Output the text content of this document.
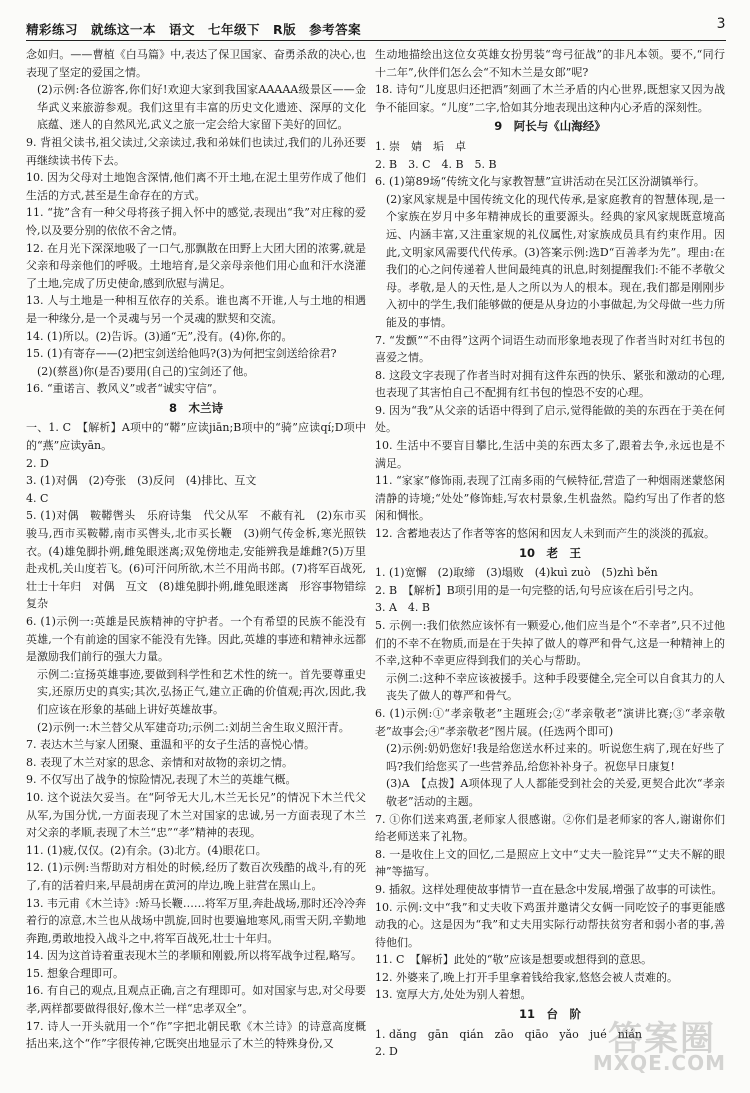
精彩练习　就练这一本　语文　七年级下　R版　参考答案	3
念如归。——曹植《白马篇》中,表达了保卫国家、奋勇杀敌的决心,也表现了坚定的爱国之情。
(2)示例:各位游客,你们好!欢迎大家到我国家AAAAA级景区——金华武义来旅游参观。我们这里有丰富的历史文化遗迹、深厚的文化底蕴、迷人的自然风光,武义之旅一定会给大家留下美好的回忆。
9. 背祖父读书,祖父读过,父亲读过,我和弟妹们也读过,我们的儿孙还要再继续读书传下去。
10. 因为父母对土地饱含深情,他们离不开土地,在泥土里劳作成了他们生活的方式,甚至是生命存在的方式。
11. “拢”含有一种父母将孩子拥入怀中的感觉,表现出“我”对庄稼的爱怜,以及要分别的依依不舍之情。
12. 在月光下深深地吸了一口气,那飘散在田野上大团大团的浓雾,就是父亲和母亲他们的呼吸。土地培育,是父亲母亲他们用心血和汗水浇灌了土地,完成了历史使命,感到欣慰与满足。
13. 人与土地是一种相互依存的关系。谁也离不开谁,人与土地的相遇是一种缘分,是一个灵魂与另一个灵魂的默契和交流。
14. (1)所以。(2)告诉。(3)通“无”,没有。(4)你,你的。
15. (1)有寄存——(2)把宝剑送给他吗?(3)为何把宝剑送给徐君?
(2)(蔡邕)你(是否)要用(自己的)宝剑还了他。
16. “重诺言、教风义”或者“诚实守信”。
8　木兰诗
一、1. C　【解析】A项中的“鞯”应读jiān;B项中的“骑”应读qí;D项中的“燕”应读yān。
2. D
3. (1)对偶　(2)夸张　(3)反问　(4)排比、互文
4. C
5. (1)对偶　鞍鞯辔头　乐府诗集　代父从军　不蔽有礼　(2)东市买骏马,西市买鞍鞯,南市买辔头,北市买长鞭　(3)朔气传金柝,寒光照铁衣。(4)雄兔脚扑朔,雌兔眼迷离;双兔傍地走,安能辨我是雄雌?(5)万里赴戎机,关山度若飞。(6)可汗问所欲,木兰不用尚书郎。(7)将军百战死,壮士十年归　对偶　互文　(8)雄兔脚扑朔,雌兔眼迷离　形容事物错综复杂
6. (1)示例一:英雄是民族精神的守护者。一个有希望的民族不能没有英雄,一个有前途的国家不能没有先锋。因此,英雄的事迹和精神永远都是激励我们前行的强大力量。
示例二:宣扬英雄事迹,要做到科学性和艺术性的统一。首先要尊重史实,还原历史的真实;其次,弘扬正气,建立正确的价值观;再次,因此,我们应该在形象的基础上讲好英雄故事。
(2)示例一:木兰替父从军建奇功;示例二:刘胡兰舍生取义照汗青。
7. 表达木兰与家人团聚、重温和平的女子生活的喜悦心情。
8. 表现了木兰对家的思念、亲情和对故物的亲切之情。
9. 不仅写出了战争的惊险情况,表现了木兰的英雄气概。
10. 这个说法欠妥当。在“阿爷无大儿,木兰无长兄”的情况下木兰代父从军,为国分忧,一方面表现了木兰对国家的忠诚,另一方面表现了木兰对父亲的孝顺,表现了木兰“忠”“孝”精神的表现。
11. (1)疲,仅仅。(2)有余。(3)北方。(4)眼花口。
12. (1)示例:当帮助对方相处的时候,经历了数百次残酷的战斗,有的死了,有的活着归来,早晨胡虏在黄河的岸边,晚上驻营在黑山上。
13. 韦元甫《木兰诗》:矫马长鞭……将军万里,奔赴战场,那时还冷冷奔着行的凉意,木兰也从战场中凯旋,回时也要遍地寒风,雨雪天阴,辛勤地奔跑,勇敢地投入战斗之中,将军百战死,壮士十年归。
14. 因为这首诗着重表现木兰的孝顺和刚毅,所以将军战争过程,略写。
15. 想象合理即可。
16. 有自己的观点,且观点正确,言之有理即可。如对国家与忠,对父母要孝,两样都要做得很好,像木兰一样“忠孝双全”。
17. 诗人一开头就用一个“作”字把北朝民歌《木兰诗》的诗意高度概括出来,这个“作”字很传神,它既突出地显示了木兰的特殊身份,又
生动地描绘出这位女英雄女扮男装“弯弓征战”的非凡本领。要不,“同行十二年”,伙伴们怎么会“不知木兰是女郎”呢?
18. 诗句“儿度思归还把酒”刻画了木兰矛盾的内心世界,既想家又因为战争不能回家。“儿度”二字,恰如其分地表现出这种内心矛盾的深刻性。
9　阿长与《山海经》
1. 崇　婧　垢　卓
2. B　3. C　4. B　5. B
6. (1)第89场“传统文化与家教智慧”宣讲活动在吴江区汾湖镇举行。
(2)家风家规是中国传统文化的现代传承,是家庭教育的智慧体现,是一个家族在岁月中多年精神成长的重要源头。经典的家风家规既意境高远、内涵丰富,又注重家规的礼仪属性,对家族成员具有约束作用。因此,文明家风需要代代传承。(3)答案示例:选D“百善孝为先”。理由:在我们的心之问传递着人世间最纯真的讯息,时刻提醒我们:不能不孝敬父母。孝敬,是人的天性,是人之所以为人的根本。现在,我们都是刚刚步入初中的学生,我们能够做的便是从身边的小事做起,为父母做一些力所能及的事情。
7. “发颤”“不由得”这两个词语生动而形象地表现了作者当时对红书包的喜爱之情。
8. 这段文字表现了作者当时对拥有这件东西的快乐、紧张和激动的心理,也表现了其害怕自己不配拥有红书包的惶恐不安的心理。
9. 因为“我”从父亲的话语中得到了启示,觉得能做的美的东西在于美在何处。
10. 生活中不要盲目攀比,生活中美的东西太多了,跟着去争,永远也是不满足。
11. “家家”修饰雨,表现了江南多雨的气候特征,营造了一种烟雨迷蒙悠闲清静的诗境;“处处”修饰蛙,写农村景象,生机盎然。隐约写出了作者的悠闲和惆怅。
12. 含蓄地表达了作者等客的悠闲和因友人未到而产生的淡淡的孤寂。
10　老　王
1. (1)宽懈　(2)取缔　(3)塌败　(4)kuì zuò　(5)zhì běn
2. B　【解析】B项引用的是一句完整的话,句号应该在后引号之内。
3. A　4. B
5. 示例一:我们依然应该怀有一颗爱心,他们应当是个“不幸者”,只不过他们的不幸不在物质,而是在于失掉了做人的尊严和骨气,这是一种精神上的不幸,这种不幸更应得到我们的关心与帮助。
示例二:这种不幸应该被援手。这种手段要健全,完全可以自食其力的人丧失了做人的尊严和骨气。
6. (1)示例:①“孝亲敬老”主题班会;②“孝亲敬老”演讲比赛;③“孝亲敬老”故事会;④“孝亲敬老”图片展。(任选两个即可)
(2)示例:奶奶您好!我是给您送水杯过来的。听说您生病了,现在好些了吗?我们给您买了一些营养品,给您补补身子。祝您早日康复!
(3)A　【点拨】A项体现了人人都能受到社会的关爱,更契合此次“孝亲敬老”活动的主题。
7. ①你们送来鸡蛋,老师家人很感谢。②你们是老师家的客人,谢谢你们给老师送来了礼物。
8. 一是收住上文的回忆,二是照应上文中“丈夫一脸诧异”“丈夫不解的眼神”等描写。
9. 插叙。这样处理使故事情节一直在悬念中发展,增强了故事的可读性。
10. 示例:文中“我”和丈夫收下鸡蛋并邀请父女俩一同吃饺子的事更能感动我的心。这是因为“我”和丈夫用实际行动帮扶贫穷者和弱小者的事,善待他们。
11. C　【解析】此处的“敬”应该是想要或想得到的意思。
12. 外婆来了,晚上打开手里拿着钱给我家,悠悠会被人责难的。
13. 宽厚大方,处处为别人着想。
11　台　阶
1. dǎng　gān　qián　zāo　qiāo　yǎo　jué　nián
2. D	答案圈
MXQE.COM
